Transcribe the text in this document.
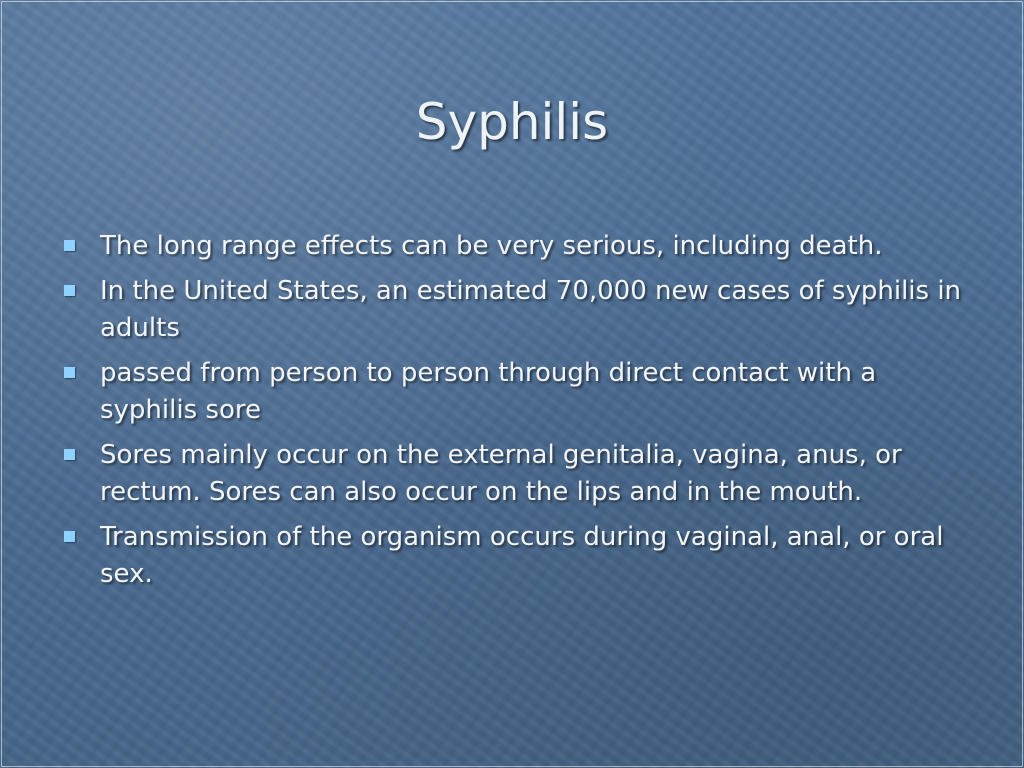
Syphilis
The long range effects can be very serious, including death.
In the United States, an estimated 70,000 new cases of syphilis in adults
passed from person to person through direct contact with a syphilis sore
Sores mainly occur on the external genitalia, vagina, anus, or rectum. Sores can also occur on the lips and in the mouth.
Transmission of the organism occurs during vaginal, anal, or oral sex.
